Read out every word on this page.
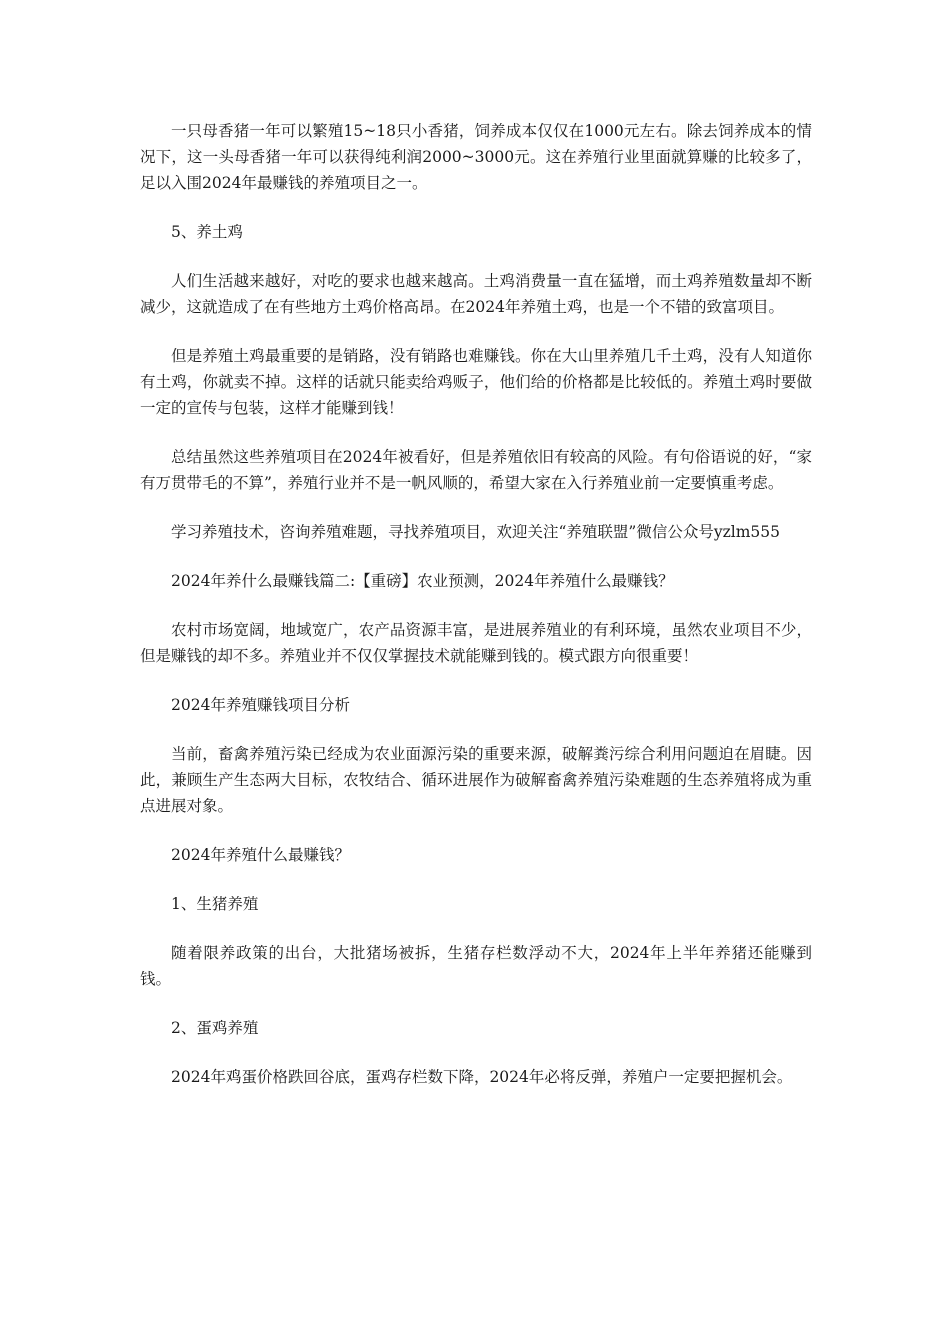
一只母香猪一年可以繁殖15~18只小香猪，饲养成本仅仅在1000元左右。除去饲养成本的情况下，这一头母香猪一年可以获得纯利润2000~3000元。这在养殖行业里面就算赚的比较多了，足以入围2024年最赚钱的养殖项目之一。

5、养土鸡

人们生活越来越好，对吃的要求也越来越高。土鸡消费量一直在猛增，而土鸡养殖数量却不断减少，这就造成了在有些地方土鸡价格高昂。在2024年养殖土鸡，也是一个不错的致富项目。

但是养殖土鸡最重要的是销路，没有销路也难赚钱。你在大山里养殖几千土鸡，没有人知道你有土鸡，你就卖不掉。这样的话就只能卖给鸡贩子，他们给的价格都是比较低的。养殖土鸡时要做一定的宣传与包装，这样才能赚到钱！

总结虽然这些养殖项目在2024年被看好，但是养殖依旧有较高的风险。有句俗语说的好，“家有万贯带毛的不算”，养殖行业并不是一帆风顺的，希望大家在入行养殖业前一定要慎重考虑。

学习养殖技术，咨询养殖难题，寻找养殖项目，欢迎关注“养殖联盟”微信公众号yzlm555

2024年养什么最赚钱篇二:【重磅】农业预测，2024年养殖什么最赚钱？

农村市场宽阔，地域宽广，农产品资源丰富，是进展养殖业的有利环境，虽然农业项目不少，但是赚钱的却不多。养殖业并不仅仅掌握技术就能赚到钱的。模式跟方向很重要！

2024年养殖赚钱项目分析

当前，畜禽养殖污染已经成为农业面源污染的重要来源，破解粪污综合利用问题迫在眉睫。因此，兼顾生产生态两大目标，农牧结合、循环进展作为破解畜禽养殖污染难题的生态养殖将成为重点进展对象。

2024年养殖什么最赚钱？

1、生猪养殖

随着限养政策的出台，大批猪场被拆，生猪存栏数浮动不大，2024年上半年养猪还能赚到钱。

2、蛋鸡养殖

2024年鸡蛋价格跌回谷底，蛋鸡存栏数下降，2024年必将反弹，养殖户一定要把握机会。
